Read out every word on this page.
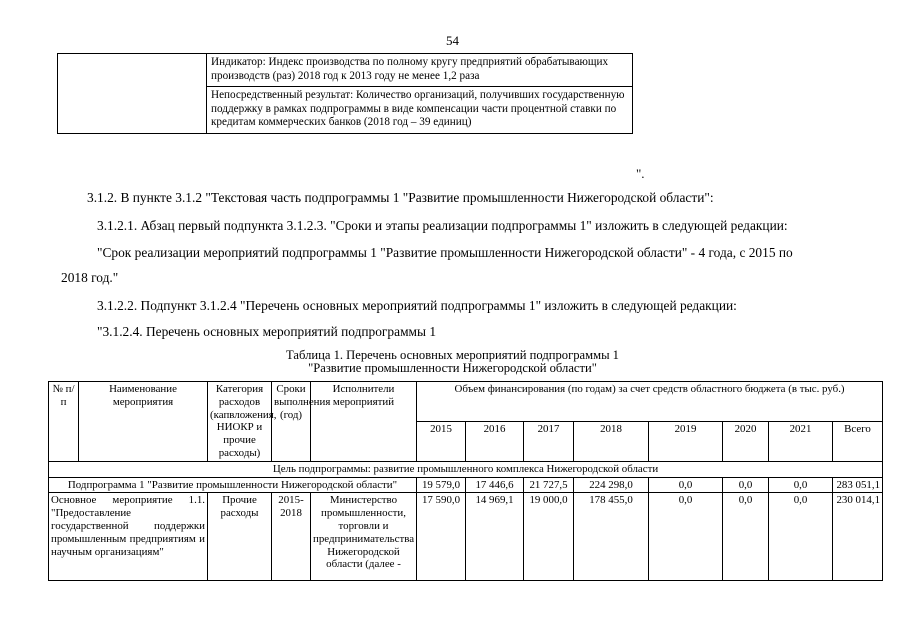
54
	Индикатор: Индекс производства по полному кругу предприятий обрабатывающих производств (раз) 2018 год к 2013 году не менее 1,2 раза
Непосредственный результат: Количество организаций, получивших государственную поддержку в рамках подпрограммы в виде компенсации части процентной ставки по кредитам коммерческих банков (2018 год – 39 единиц)
".
3.1.2. В пункте 3.1.2 "Текстовая часть подпрограммы 1 "Развитие промышленности Нижегородской области":
3.1.2.1. Абзац первый подпункта 3.1.2.3. "Сроки и этапы реализации подпрограммы 1" изложить в следующей редакции:
"Срок реализации мероприятий подпрограммы 1 "Развитие промышленности Нижегородской области" - 4 года, с 2015 по
2018 год."
3.1.2.2. Подпункт 3.1.2.4 "Перечень основных мероприятий подпрограммы 1" изложить в следующей редакции:
"3.1.2.4. Перечень основных мероприятий подпрограммы 1
Таблица 1. Перечень основных мероприятий подпрограммы 1
"Развитие промышленности Нижегородской области"
№ п/п	Наименование мероприятия	Категория расходов (капвложения, НИОКР и прочие расходы)	Сроки выполнения (год)	Исполнители мероприятий	Объем финансирования (по годам) за счет средств областного бюджета (в тыс. руб.)							
					2015	2016	2017	2018	2019	2020	2021	Всего
Цель подпрограммы: развитие промышленного комплекса Нижегородской области												
Подпрограмма 1 "Развитие промышленности Нижегородской области"					19 579,0	17 446,6	21 727,5	224 298,0	0,0	0,0	0,0	283 051,1
Основное мероприятие 1.1. "Предоставление государственной поддержки промышленным предприятиям и научным организациям"		Прочие расходы	2015-2018	Министерство промышленности, торговли и предпринимательства Нижегородской области (далее -	17 590,0	14 969,1	19 000,0	178 455,0	0,0	0,0	0,0	230 014,1
